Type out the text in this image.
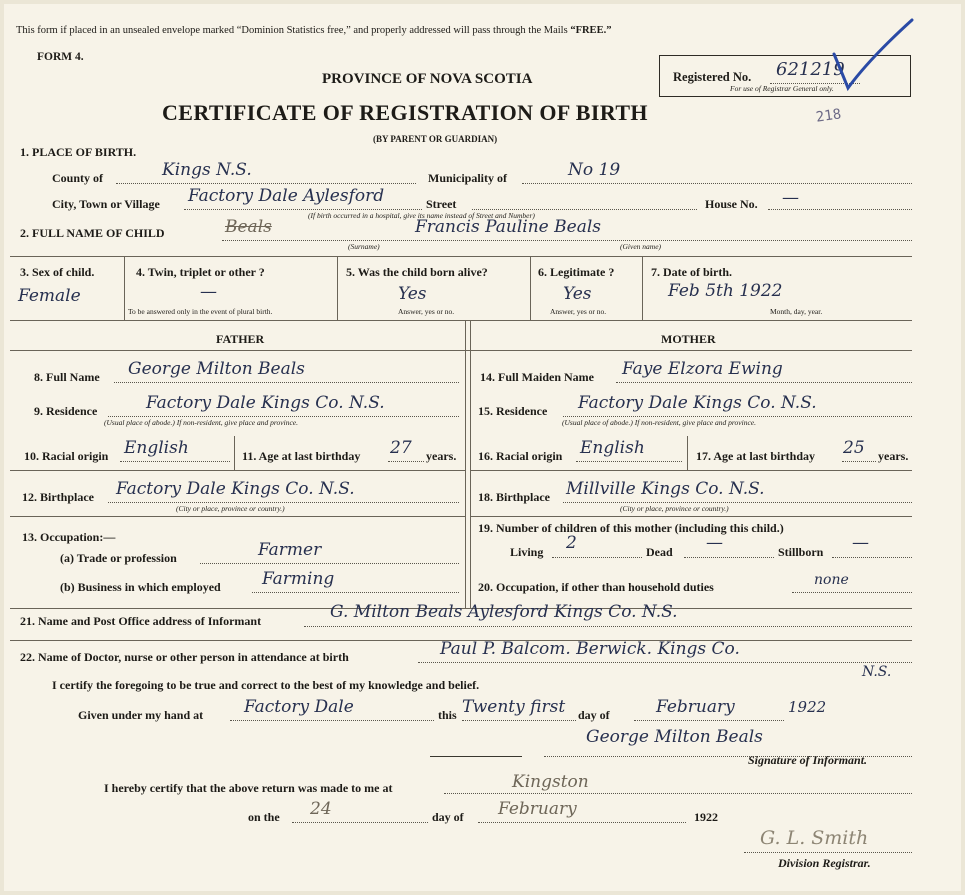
This form if placed in an unsealed envelope marked “Dominion Statistics free,” and properly addressed will pass through the Mails “FREE.”
FORM 4.
PROVINCE OF NOVA SCOTIA
CERTIFICATE OF REGISTRATION OF BIRTH
(BY PARENT OR GUARDIAN)
Registered No. 621219
For use of Registrar General only.
218
1. PLACE OF BIRTH.
County of	Kings N.S.	Municipality of	No 19
City, Town or Village Factory Dale Aylesford	Street
(If birth occurred in a hospital, give its name instead of Street and Number)
House No. —
2. FULL NAME OF CHILD	Beals	Francis Pauline Beals
(Surname)	(Given name)
3. Sex of child.
Female
4. Twin, triplet or other ?
—
To be answered only in the event of plural birth.
5. Was the child born alive?
Yes
Answer, yes or no.
6. Legitimate ?
Yes
Answer, yes or no.
7. Date of birth.
Feb 5th 1922
Month, day, year.
FATHER	MOTHER
8. Full Name George Milton Beals
9. Residence	Factory Dale Kings Co. N.S.
(Usual place of abode.) If non-resident, give place and province.
10. Racial origin English	11. Age at last birthday 27 years.
12. Birthplace Factory Dale Kings Co. N.S.
(City or place, province or country.)
13. Occupation:—
(a) Trade or profession	Farmer
(b) Business in which employed Farming
14. Full Maiden Name Faye Elzora Ewing
15. Residence Factory Dale Kings Co. N.S.
(Usual place of abode.) If non-resident, give place and province.
16. Racial origin English	17. Age at last birthday 25 years.
18. Birthplace Millville Kings Co. N.S.
(City or place, province or country.)
19. Number of children of this mother (including this child.)
Living 2	Dead —	Stillborn —
20. Occupation, if other than household duties	none
21. Name and Post Office address of Informant	G. Milton Beals Aylesford Kings Co. N.S.
22. Name of Doctor, nurse or other person in attendance at birth	Paul P. Balcom. Berwick. Kings Co.
N.S.
I certify the foregoing to be true and correct to the best of my knowledge and belief.
Given under my hand at Factory Dale	this Twenty first day of	February	1922
George Milton Beals
Signature of Informant.
I hereby certify that the above return was made to me at	Kingston
on the 24	day of February	1922
G. L. Smith
Division Registrar.
